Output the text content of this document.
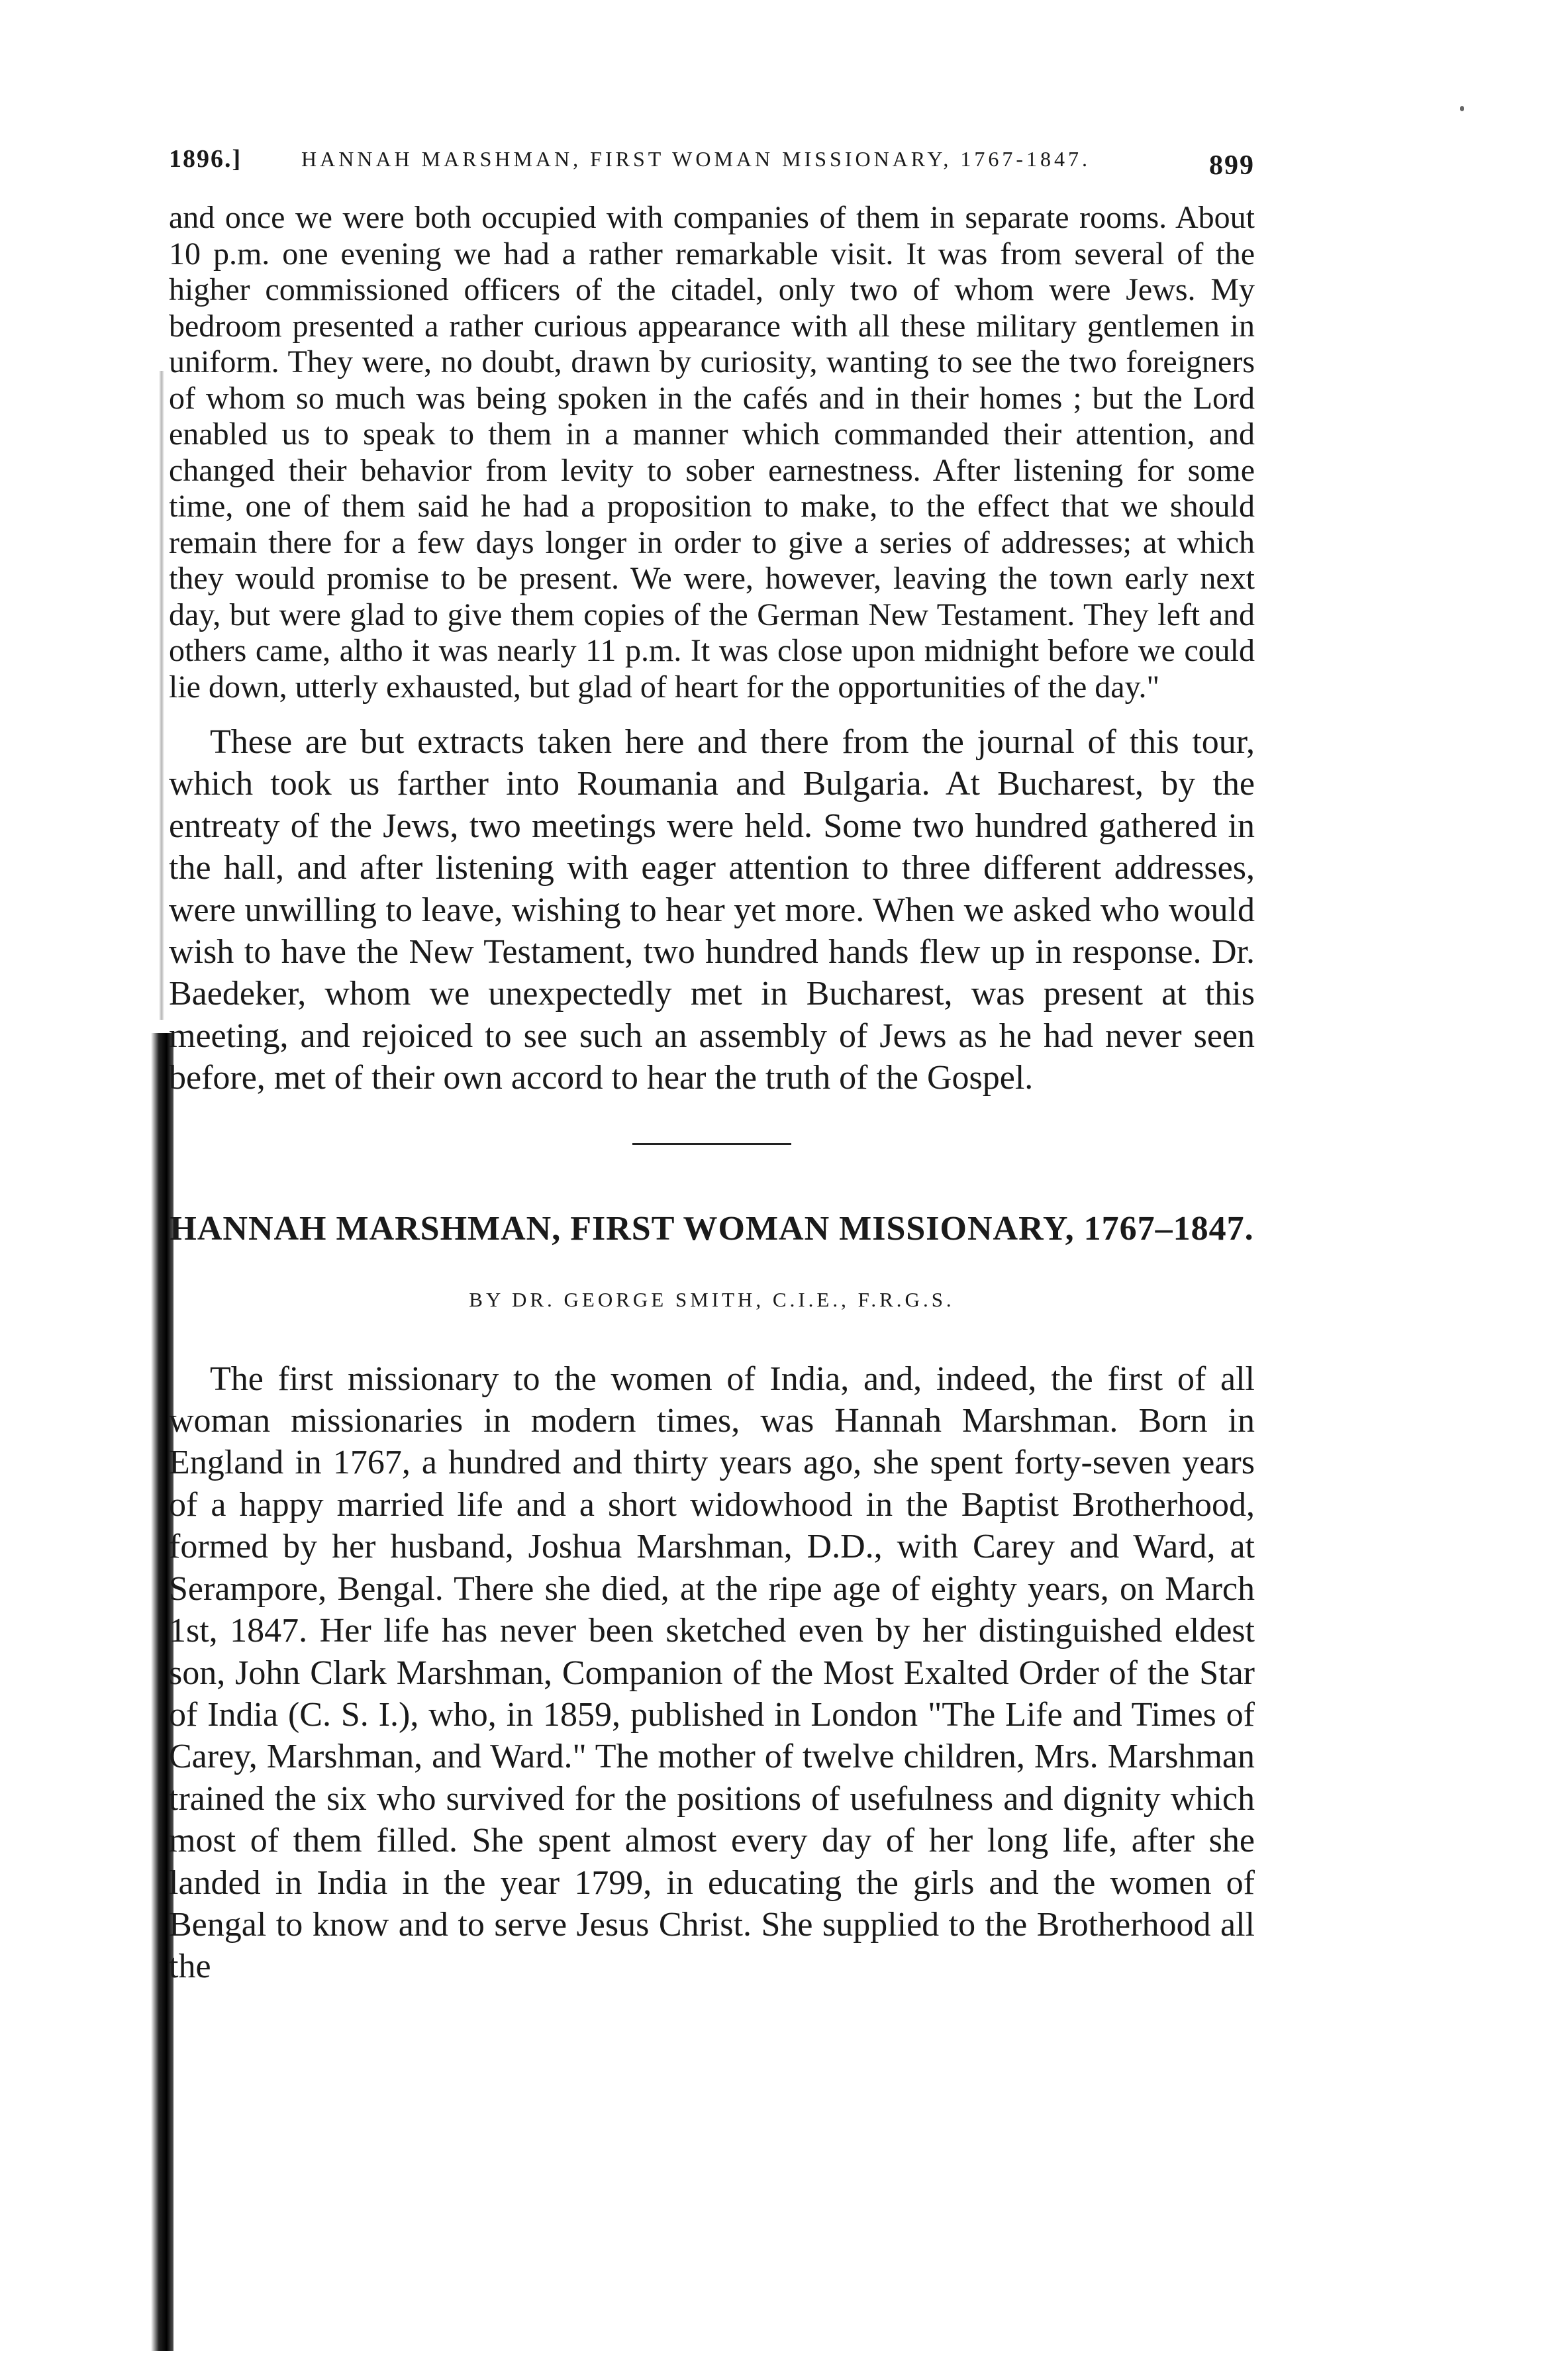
1896.]	HANNAH MARSHMAN, FIRST WOMAN MISSIONARY, 1767-1847.	899

and once we were both occupied with companies of them in separate rooms. About 10 p.m. one evening we had a rather remarkable visit. It was from several of the higher commissioned officers of the citadel, only two of whom were Jews. My bedroom presented a rather curious appearance with all these military gentlemen in uniform. They were, no doubt, drawn by curiosity, wanting to see the two foreigners of whom so much was being spoken in the cafés and in their homes ; but the Lord enabled us to speak to them in a manner which commanded their attention, and changed their behavior from levity to sober earnestness. After listening for some time, one of them said he had a proposition to make, to the effect that we should remain there for a few days longer in order to give a series of addresses; at which they would promise to be present. We were, however, leaving the town early next day, but were glad to give them copies of the German New Testament. They left and others came, altho it was nearly 11 p.m. It was close upon midnight before we could lie down, utterly exhausted, but glad of heart for the opportunities of the day."

These are but extracts taken here and there from the journal of this tour, which took us farther into Roumania and Bulgaria. At Bucharest, by the entreaty of the Jews, two meetings were held. Some two hundred gathered in the hall, and after listening with eager attention to three different addresses, were unwilling to leave, wishing to hear yet more. When we asked who would wish to have the New Testament, two hundred hands flew up in response. Dr. Baedeker, whom we unexpectedly met in Bucharest, was present at this meeting, and rejoiced to see such an assembly of Jews as he had never seen before, met of their own accord to hear the truth of the Gospel.

HANNAH MARSHMAN, FIRST WOMAN MISSIONARY, 1767–1847.
BY DR. GEORGE SMITH, C.I.E., F.R.G.S.

The first missionary to the women of India, and, indeed, the first of all woman missionaries in modern times, was Hannah Marshman. Born in England in 1767, a hundred and thirty years ago, she spent forty-seven years of a happy married life and a short widowhood in the Baptist Brotherhood, formed by her husband, Joshua Marshman, D.D., with Carey and Ward, at Serampore, Bengal. There she died, at the ripe age of eighty years, on March 1st, 1847. Her life has never been sketched even by her distinguished eldest son, John Clark Marshman, Companion of the Most Exalted Order of the Star of India (C. S. I.), who, in 1859, published in London "The Life and Times of Carey, Marshman, and Ward." The mother of twelve children, Mrs. Marshman trained the six who survived for the positions of usefulness and dignity which most of them filled. She spent almost every day of her long life, after she landed in India in the year 1799, in educating the girls and the women of Bengal to know and to serve Jesus Christ. She supplied to the Brotherhood all the
